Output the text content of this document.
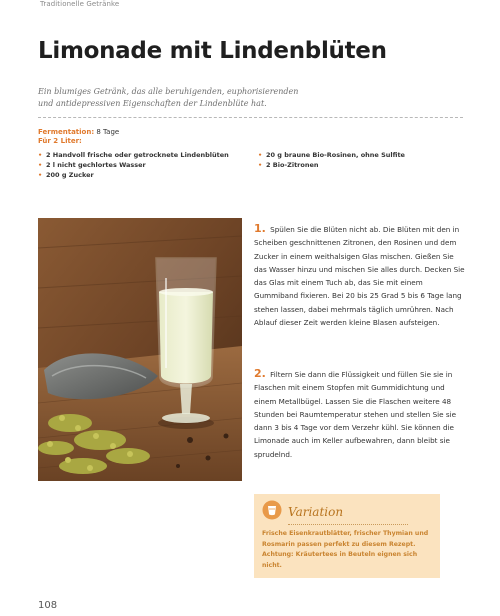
Traditionelle Getränke
Limonade mit Lindenblüten
Ein blumiges Getränk, das alle beruhigenden, euphorisierenden
und antidepressiven Eigenschaften der Lindenblüte hat.
Fermentation: 8 Tage
Für 2 Liter:
• 2 Handvoll frische oder getrocknete Lindenblüten
• 2 l nicht gechlortes Wasser
• 200 g Zucker
• 20 g braune Bio-Rosinen, ohne Sulfite
• 2 Bio-Zitronen

1. Spülen Sie die Blüten nicht ab. Die Blüten mit den in Scheiben geschnittenen Zitronen, den Rosinen und dem Zucker in einem weithalsigen Glas mischen. Gießen Sie das Wasser hinzu und mischen Sie alles durch. Decken Sie das Glas mit einem Tuch ab, das Sie mit einem Gummiband fixieren. Bei 20 bis 25 Grad 5 bis 6 Tage lang stehen lassen, dabei mehrmals täglich umrühren. Nach Ablauf dieser Zeit werden kleine Blasen aufsteigen.

2. Filtern Sie dann die Flüssigkeit und füllen Sie sie in Flaschen mit einem Stopfen mit Gummidichtung und einem Metallbügel. Lassen Sie die Flaschen weitere 48 Stunden bei Raumtemperatur stehen und stellen Sie sie dann 3 bis 4 Tage vor dem Verzehr kühl. Sie können die Limonade auch im Keller aufbewahren, dann bleibt sie sprudelnd.

Variation
Frische Eisenkrautblätter, frischer Thymian und Rosmarin passen perfekt zu diesem Rezept. Achtung: Kräutertees in Beuteln eignen sich nicht.
108
